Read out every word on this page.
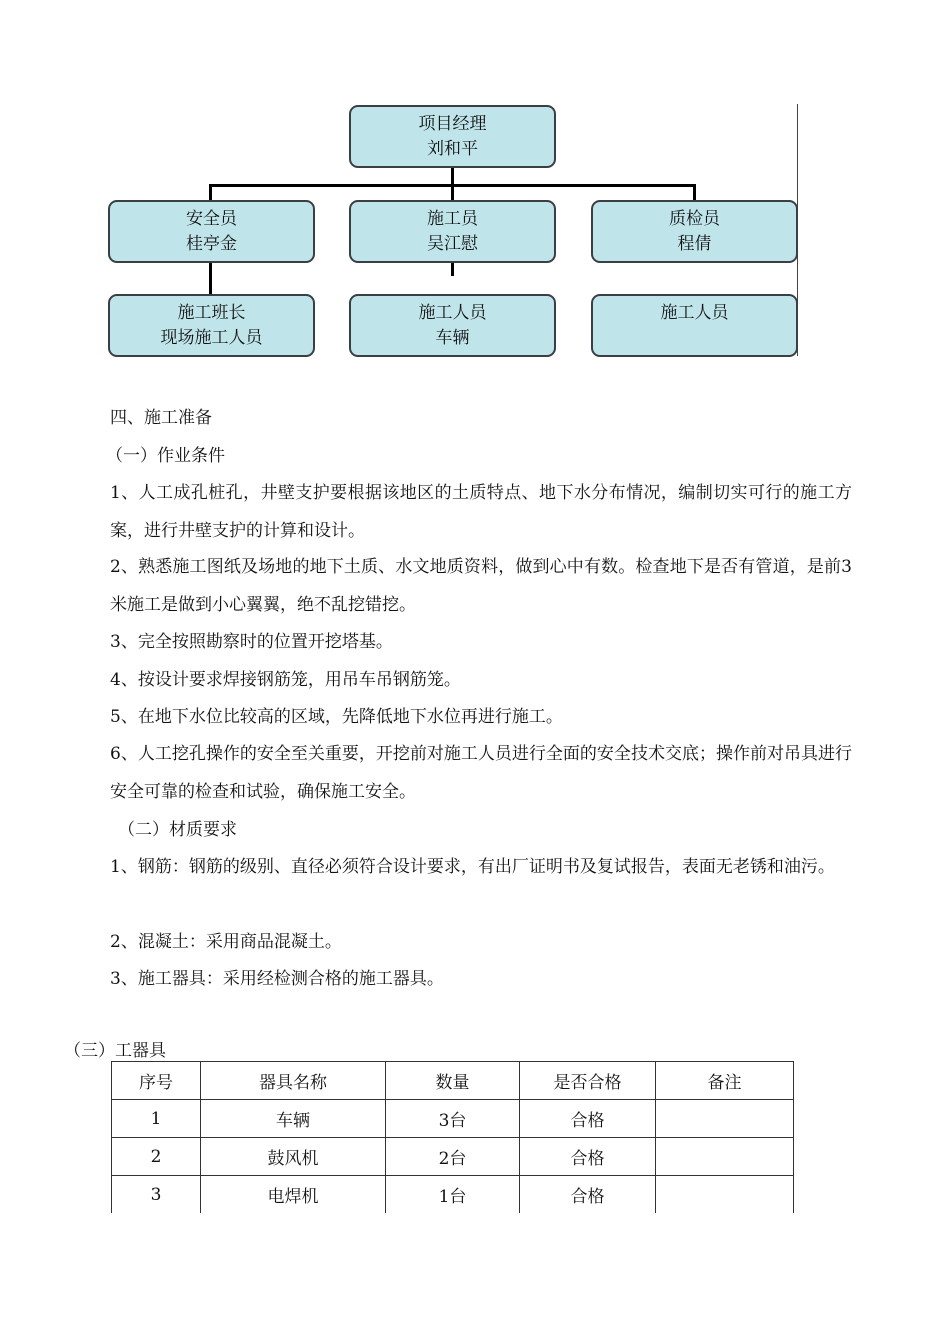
项目经理
刘和平
安全员
桂亭金
施工员
吴江慰
质检员
程倩
施工班长
现场施工人员
施工人员
车辆
施工人员
四、施工准备
（一）作业条件
1、人工成孔桩孔，井壁支护要根据该地区的土质特点、地下水分布情况，编制切实可行的施工方案，进行井壁支护的计算和设计。
2、熟悉施工图纸及场地的地下土质、水文地质资料，做到心中有数。检查地下是否有管道，是前3米施工是做到小心翼翼，绝不乱挖错挖。
3、完全按照勘察时的位置开挖塔基。
4、按设计要求焊接钢筋笼，用吊车吊钢筋笼。
5、在地下水位比较高的区域，先降低地下水位再进行施工。
6、人工挖孔操作的安全至关重要，开挖前对施工人员进行全面的安全技术交底；操作前对吊具进行安全可靠的检查和试验，确保施工安全。
（二）材质要求
1、钢筋：钢筋的级别、直径必须符合设计要求，有出厂证明书及复试报告，表面无老锈和油污。
2、混凝土：采用商品混凝土。
3、施工器具：采用经检测合格的施工器具。
（三）工器具
序号	器具名称	数量	是否合格	备注
1	车辆	3台	合格	
2	鼓风机	2台	合格	
3	电焊机	1台	合格	
